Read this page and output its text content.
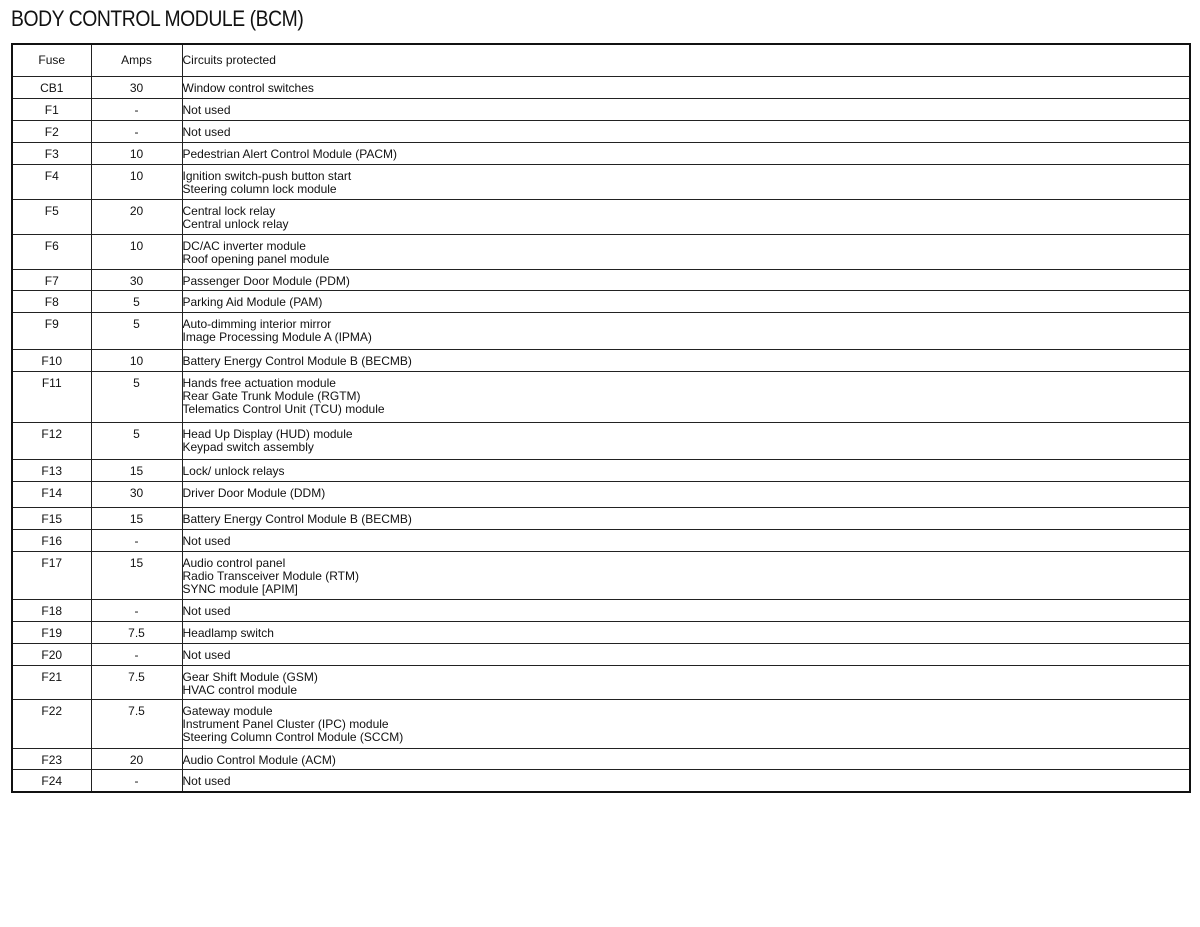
BODY CONTROL MODULE (BCM)
Fuse	Amps	Circuits protected

CB1	30	Window control switches

F1	-	Not used

F2	-	Not used

F3	10	Pedestrian Alert Control Module (PACM)

F4	10	Ignition switch-push button start
Steering column lock module

F5	20	Central lock relay
Central unlock relay

F6	10	DC/AC inverter module
Roof opening panel module

F7	30	Passenger Door Module (PDM)

F8	5	Parking Aid Module (PAM)

F9	5	Auto-dimming interior mirror
Image Processing Module A (IPMA)

F10	10	Battery Energy Control Module B (BECMB)

F11	5	Hands free actuation module
Rear Gate Trunk Module (RGTM)
Telematics Control Unit (TCU) module

F12	5	Head Up Display (HUD) module
Keypad switch assembly

F13	15	Lock/ unlock relays

F14	30	Driver Door Module (DDM)

F15	15	Battery Energy Control Module B (BECMB)

F16	-	Not used

F17	15	Audio control panel
Radio Transceiver Module (RTM)
SYNC module [APIM]

F18	-	Not used

F19	7.5	Headlamp switch

F20	-	Not used

F21	7.5	Gear Shift Module (GSM)
HVAC control module

F22	7.5	Gateway module
Instrument Panel Cluster (IPC) module
Steering Column Control Module (SCCM)

F23	20	Audio Control Module (ACM)

F24	-	Not used
